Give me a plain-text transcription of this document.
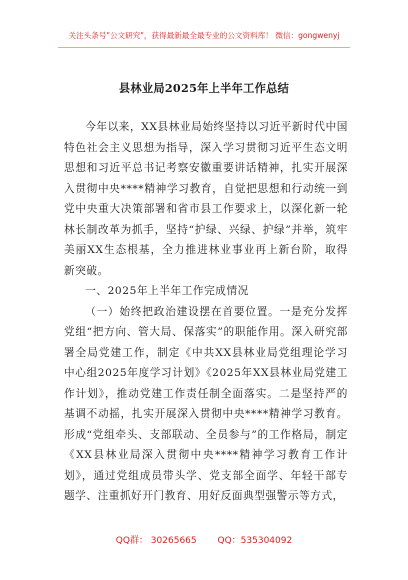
关注头条号"公文研究"，获得最新最全最专业的公文资料库！ 微信：gongwenyj
县林业局2025年上半年工作总结

今年以来，XX县林业局始终坚持以习近平新时代中国特色社会主义思想为指导，深入学习贯彻习近平生态文明思想和习近平总书记考察安徽重要讲话精神，扎实开展深入贯彻中央****精神学习教育，自觉把思想和行动统一到党中央重大决策部署和省市县工作要求上，以深化新一轮林长制改革为抓手，坚持“护绿、兴绿、护绿”并举，筑牢美丽XX生态根基，全力推进林业事业再上新台阶，取得新突破。

一、2025年上半年工作完成情况

（一）始终把政治建设摆在首要位置。一是充分发挥党组“把方向、管大局、保落实”的职能作用。深入研究部署全局党建工作，制定《中共XX县林业局党组理论学习中心组2025年度学习计划》《2025年XX县林业局党建工作计划》，推动党建工作责任制全面落实。二是坚持严的基调不动摇，扎实开展深入贯彻中央****精神学习教育。形成“党组牵头、支部联动、全员参与”的工作格局，制定《XX县林业局深入贯彻中央****精神学习教育工作计划》，通过党组成员带头学、党支部全面学、年轻干部专题学、注重抓好开门教育、用好反面典型强警示等方式，

QQ群： 30265665 QQ：535304092
